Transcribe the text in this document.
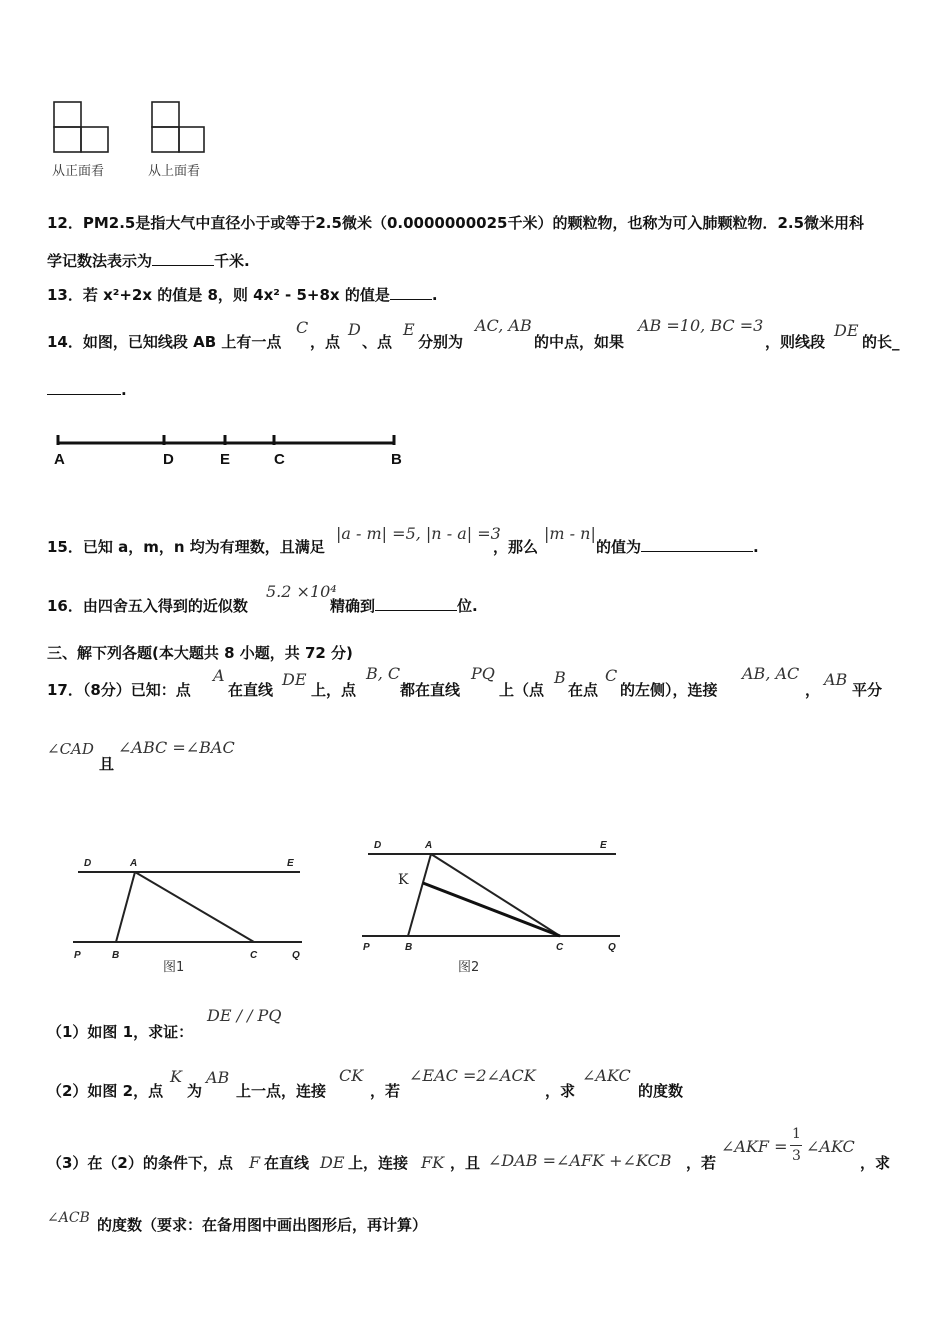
从正面看	从上面看
12．PM2.5是指大气中直径小于或等于2.5微米（0.0000000025千米）的颗粒物，也称为可入肺颗粒物．2.5微米用科
学记数法表示为	千米.
13．若 x²+2x 的值是 8，则 4x² - 5+8x 的值是	.
14．如图，已知线段 AB 上有一点
C
，点
D
、点
E
分别为
AC, AB
的中点，如果
AB =10, BC =3
，则线段
DE
的长_
.
A	D	E	C	B
15．已知 a，m，n 均为有理数，且满足
|a - m| =5, |n - a| =3
，那么
|m - n|
的值为	.
16．由四舍五入得到的近似数
5.2 ×10⁴
精确到	位.
三、解下列各题(本大题共 8 小题，共 72 分)
17．（8分）已知：点
A
在直线
DE
上，点
B, C
都在直线
PQ
上（点
B
在点
C
的左侧），连接
AB, AC
，
AB
平分
∠CAD
且
∠ABC =∠BAC
D	A	E
P	B	C	Q
图1
D	A	E
K
P	B	C	Q
图2
（1）如图 1，求证：
DE / / PQ
（2）如图 2，点
K
为
AB
上一点，连接
CK
，若
∠EAC =2∠ACK
，求
∠AKC
的度数
（3）在（2）的条件下，点 F 在直线 DE 上，连接 FK ，且 ∠DAB =∠AFK +∠KCB ，若
∠AKF =
1
3 ∠AKC
，求
∠ACB 的度数（要求：在备用图中画出图形后，再计算）
